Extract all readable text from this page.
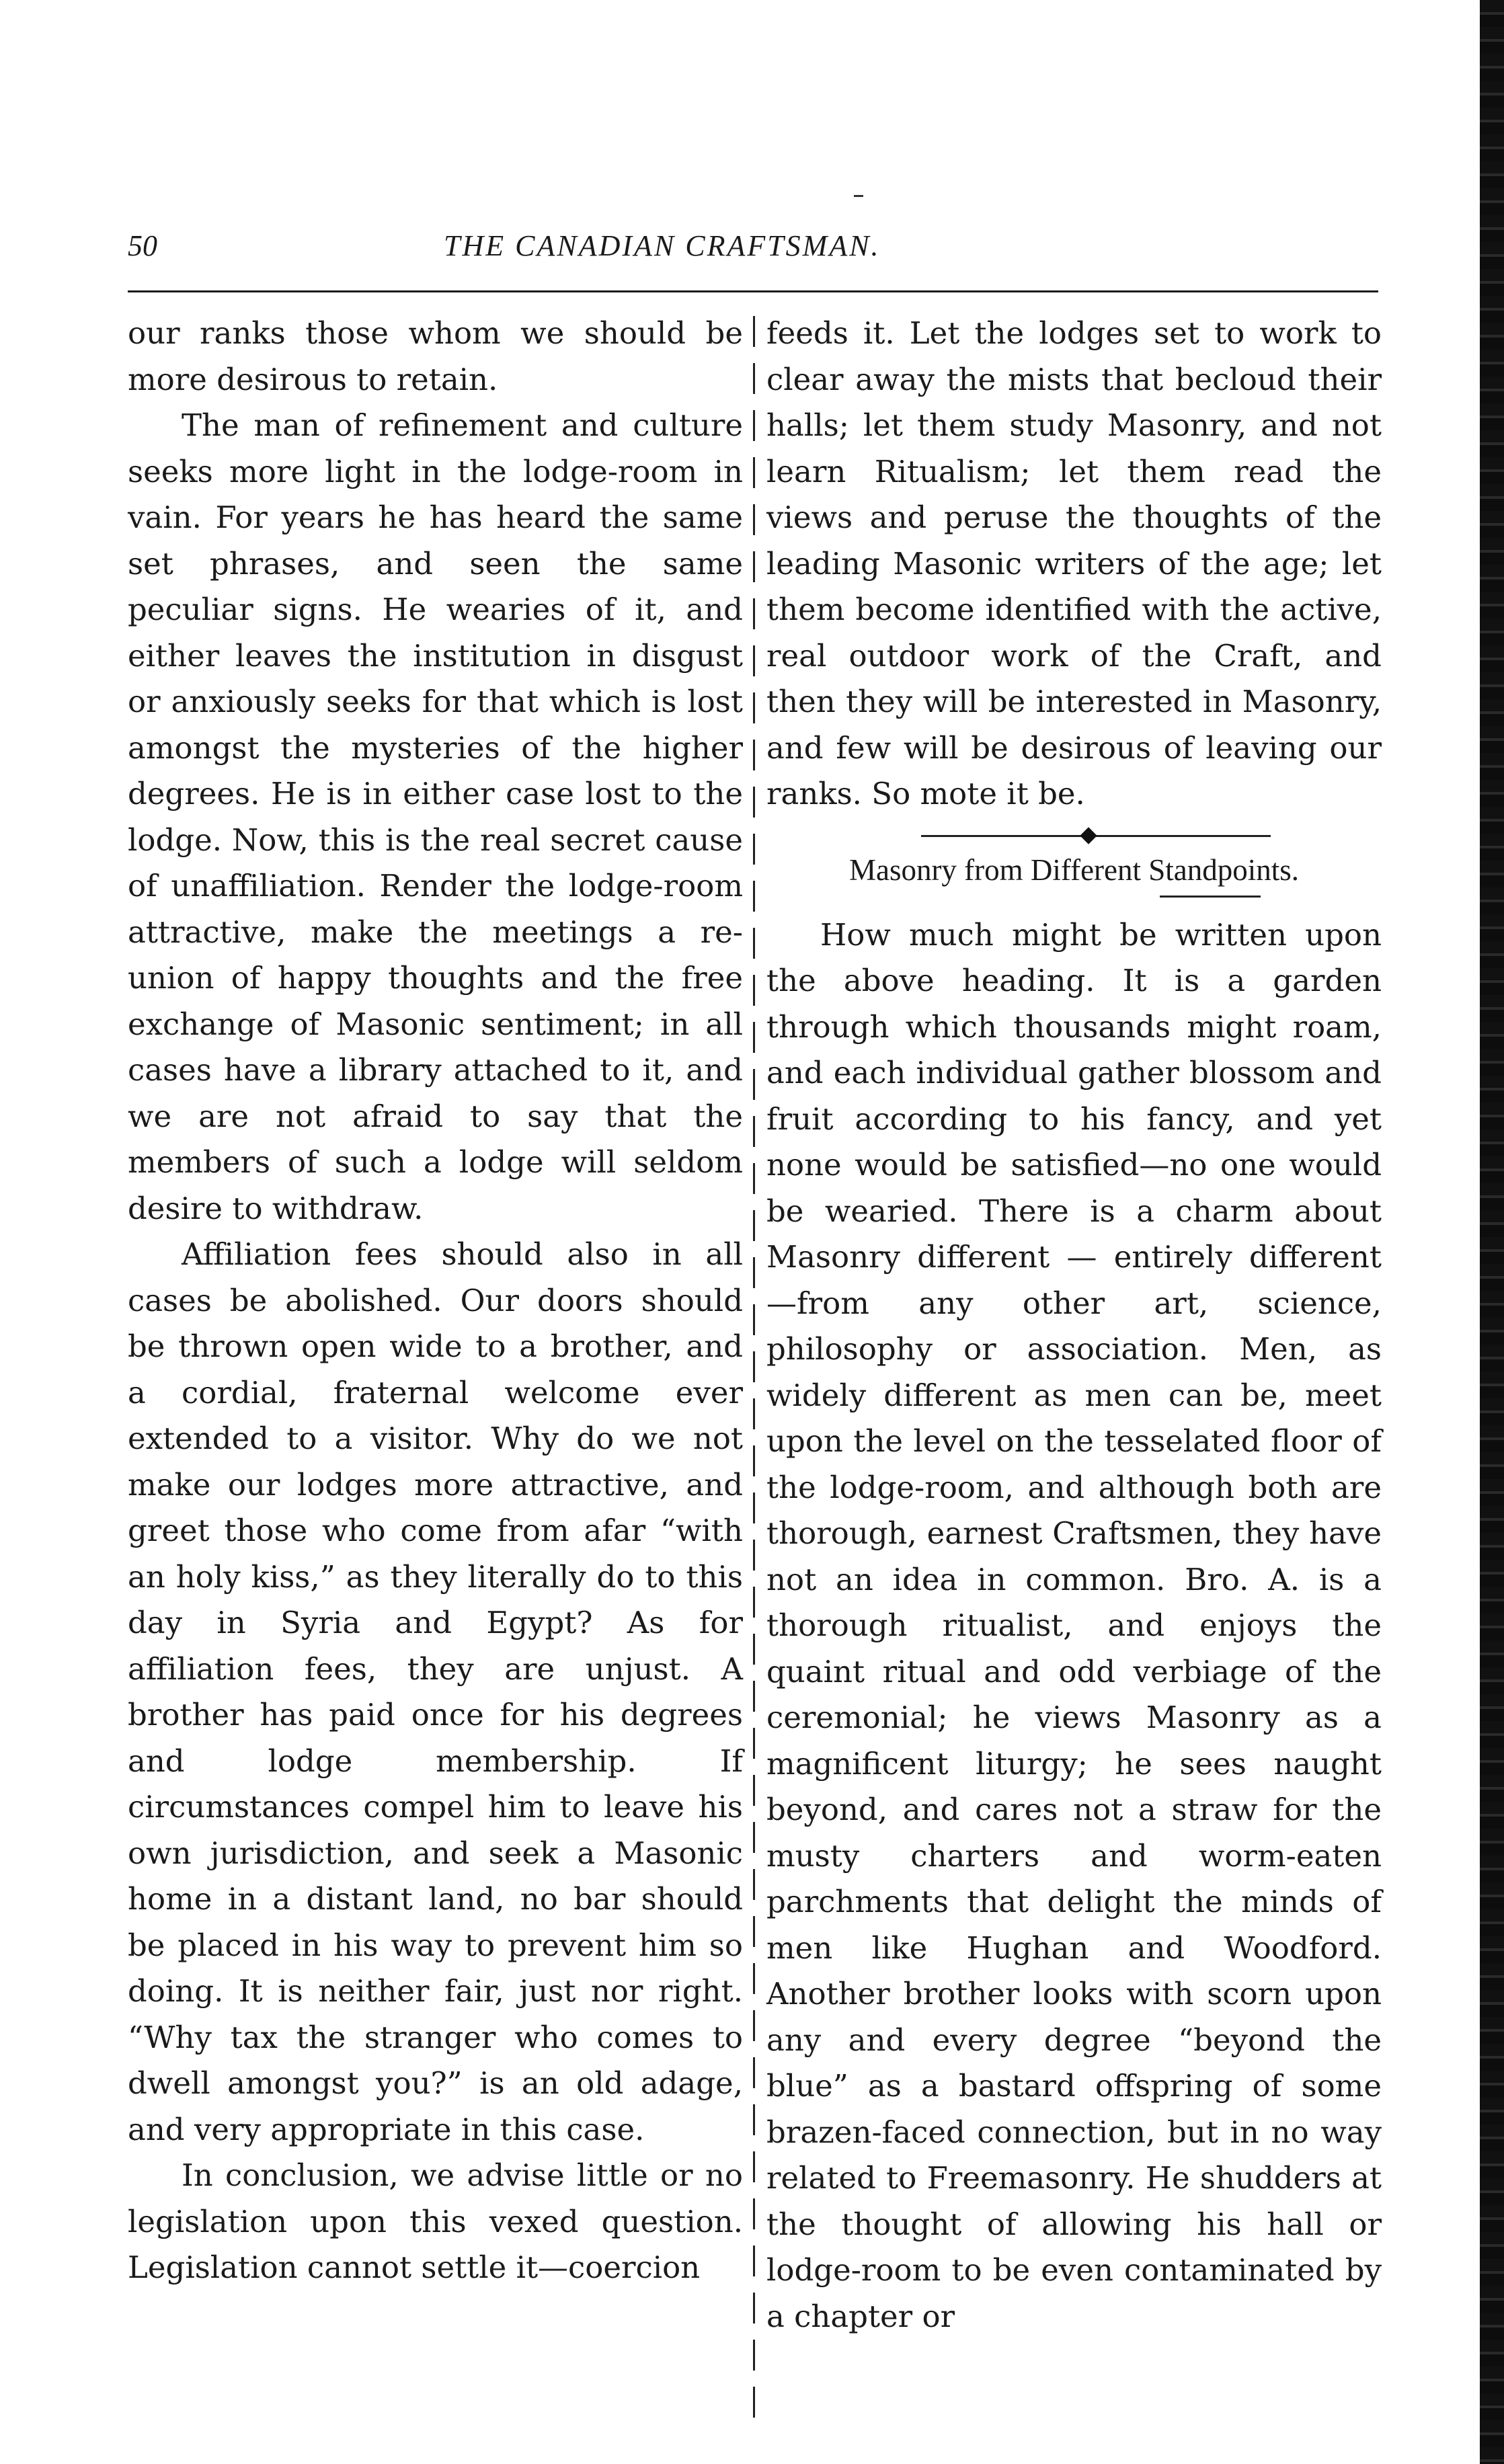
50	THE CANADIAN CRAFTSMAN.

our ranks those whom we should be more desirous to retain.

The man of refinement and culture seeks more light in the lodge-room in vain. For years he has heard the same set phrases, and seen the same peculiar signs. He wearies of it, and either leaves the institution in disgust or anxiously seeks for that which is lost amongst the mysteries of the higher degrees. He is in either case lost to the lodge. Now, this is the real secret cause of unaffiliation. Render the lodge-room attractive, make the meetings a re-union of happy thoughts and the free exchange of Masonic sentiment; in all cases have a library attached to it, and we are not afraid to say that the members of such a lodge will seldom desire to withdraw.

Affiliation fees should also in all cases be abolished. Our doors should be thrown open wide to a brother, and a cordial, fraternal welcome ever extended to a visitor. Why do we not make our lodges more attractive, and greet those who come from afar “with an holy kiss,” as they literally do to this day in Syria and Egypt? As for affiliation fees, they are unjust. A brother has paid once for his degrees and lodge membership. If circumstances compel him to leave his own jurisdiction, and seek a Masonic home in a distant land, no bar should be placed in his way to prevent him so doing. It is neither fair, just nor right. “Why tax the stranger who comes to dwell amongst you?” is an old adage, and very appropriate in this case.

In conclusion, we advise little or no legislation upon this vexed question. Legislation cannot settle it—coercion

feeds it. Let the lodges set to work to clear away the mists that becloud their halls; let them study Masonry, and not learn Ritualism; let them read the views and peruse the thoughts of the leading Masonic writers of the age; let them become identified with the active, real outdoor work of the Craft, and then they will be interested in Masonry, and few will be desirous of leaving our ranks. So mote it be.

Masonry from Different Standpoints.

How much might be written upon the above heading. It is a garden through which thousands might roam, and each individual gather blossom and fruit according to his fancy, and yet none would be satisfied—no one would be wearied. There is a charm about Masonry different — entirely different—from any other art, science, philosophy or association. Men, as widely different as men can be, meet upon the level on the tesselated floor of the lodge-room, and although both are thorough, earnest Craftsmen, they have not an idea in common. Bro. A. is a thorough ritualist, and enjoys the quaint ritual and odd verbiage of the ceremonial; he views Masonry as a magnificent liturgy; he sees naught beyond, and cares not a straw for the musty charters and worm-eaten parchments that delight the minds of men like Hughan and Woodford. Another brother looks with scorn upon any and every degree “beyond the blue” as a bastard offspring of some brazen-faced connection, but in no way related to Freemasonry. He shudders at the thought of allowing his hall or lodge-room to be even contaminated by a chapter or
